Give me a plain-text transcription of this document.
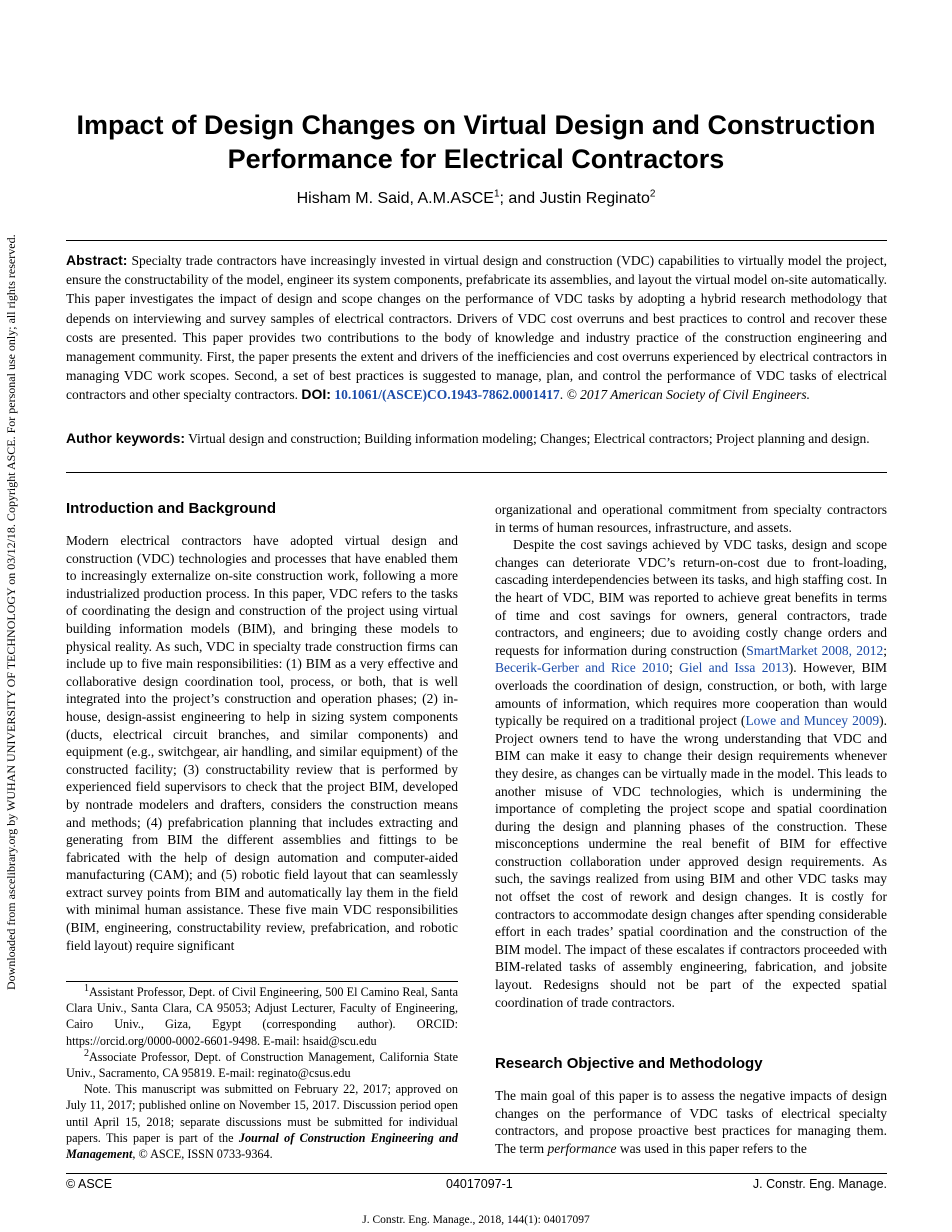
Downloaded from ascelibrary.org by WUHAN UNIVERSITY OF TECHNOLOGY on 03/12/18. Copyright ASCE. For personal use only; all rights reserved.
Impact of Design Changes on Virtual Design and Construction Performance for Electrical Contractors
Hisham M. Said, A.M.ASCE$^1$; and Justin Reginato$^2$
Abstract: Specialty trade contractors have increasingly invested in virtual design and construction (VDC) capabilities to virtually model the project, ensure the constructability of the model, engineer its system components, prefabricate its assemblies, and layout the virtual model on-site automatically. This paper investigates the impact of design and scope changes on the performance of VDC tasks by adopting a hybrid research methodology that depends on interviewing and survey samples of electrical contractors. Drivers of VDC cost overruns and best practices to control and recover these costs are presented. This paper provides two contributions to the body of knowledge and industry practice of the construction engineering and management community. First, the paper presents the extent and drivers of the inefficiencies and cost overruns experienced by electrical contractors in managing VDC work scopes. Second, a set of best practices is suggested to manage, plan, and control the performance of VDC tasks of electrical contractors and other specialty contractors. DOI: 10.1061/(ASCE)CO.1943-7862.0001417. © 2017 American Society of Civil Engineers.
Author keywords: Virtual design and construction; Building information modeling; Changes; Electrical contractors; Project planning and design.
Introduction and Background

Modern electrical contractors have adopted virtual design and construction (VDC) technologies and processes that have enabled them to increasingly externalize on-site construction work, following a more industrialized production process. In this paper, VDC refers to the tasks of coordinating the design and construction of the project using virtual building information models (BIM), and bringing these models to physical reality. As such, VDC in specialty trade construction firms can include up to five main responsibilities: (1) BIM as a very effective and collaborative design coordination tool, process, or both, that is well integrated into the project’s construction and operation phases; (2) in-house, design-assist engineering to help in sizing system components (ducts, electrical circuit branches, and similar components) and equipment (e.g., switchgear, air handling, and similar equipment) of the constructed facility; (3) constructability review that is performed by experienced field supervisors to check that the project BIM, developed by nontrade modelers and drafters, considers the construction means and methods; (4) prefabrication planning that includes extracting and generating from BIM the different assemblies and fittings to be fabricated with the help of design automation and computer-aided manufacturing (CAM); and (5) robotic field layout that can seamlessly extract survey points from BIM and automatically lay them in the field with minimal human assistance. These five main VDC responsibilities (BIM, engineering, constructability review, prefabrication, and robotic field layout) require significant

$^1$Assistant Professor, Dept. of Civil Engineering, 500 El Camino Real, Santa Clara Univ., Santa Clara, CA 95053; Adjust Lecturer, Faculty of Engineering, Cairo Univ., Giza, Egypt (corresponding author). ORCID: https://orcid.org/0000-0002-6601-9498. E-mail: hsaid@scu.edu

$^2$Associate Professor, Dept. of Construction Management, California State Univ., Sacramento, CA 95819. E-mail: reginato@csus.edu

Note. This manuscript was submitted on February 22, 2017; approved on July 11, 2017; published online on November 15, 2017. Discussion period open until April 15, 2018; separate discussions must be submitted for individual papers. This paper is part of the Journal of Construction Engineering and Management, © ASCE, ISSN 0733-9364.

organizational and operational commitment from specialty contractors in terms of human resources, infrastructure, and assets.

Despite the cost savings achieved by VDC tasks, design and scope changes can deteriorate VDC’s return-on-cost due to front-loading, cascading interdependencies between its tasks, and high staffing cost. In the heart of VDC, BIM was reported to achieve great benefits in terms of time and cost savings for owners, general contractors, trade contractors, and engineers; due to avoiding costly change orders and requests for information during construction (SmartMarket 2008, 2012; Becerik-Gerber and Rice 2010; Giel and Issa 2013). However, BIM overloads the coordination of design, construction, or both, with large amounts of information, which requires more cooperation than would typically be required on a traditional project (Lowe and Muncey 2009). Project owners tend to have the wrong understanding that VDC and BIM can make it easy to change their design requirements whenever they desire, as changes can be virtually made in the model. This leads to another misuse of VDC technologies, which is undermining the importance of completing the project scope and spatial coordination during the design and planning phases of the construction. These misconceptions undermine the real benefit of BIM for effective construction collaboration under approved design requirements. As such, the savings realized from using BIM and other VDC tasks may not offset the cost of rework and design changes. It is costly for contractors to accommodate design changes after spending considerable effort in each trades’ spatial coordination and the construction of the BIM model. The impact of these escalates if contractors proceeded with BIM-related tasks of assembly engineering, fabrication, and jobsite layout. Redesigns should not be part of the expected spatial coordination of trade contractors.

Research Objective and Methodology

The main goal of this paper is to assess the negative impacts of design changes on the performance of VDC tasks of electrical specialty contractors, and propose proactive best practices for managing them. The term performance was used in this paper refers to the

© ASCE	04017097-1	J. Constr. Eng. Manage.
J. Constr. Eng. Manage., 2018, 144(1): 04017097
